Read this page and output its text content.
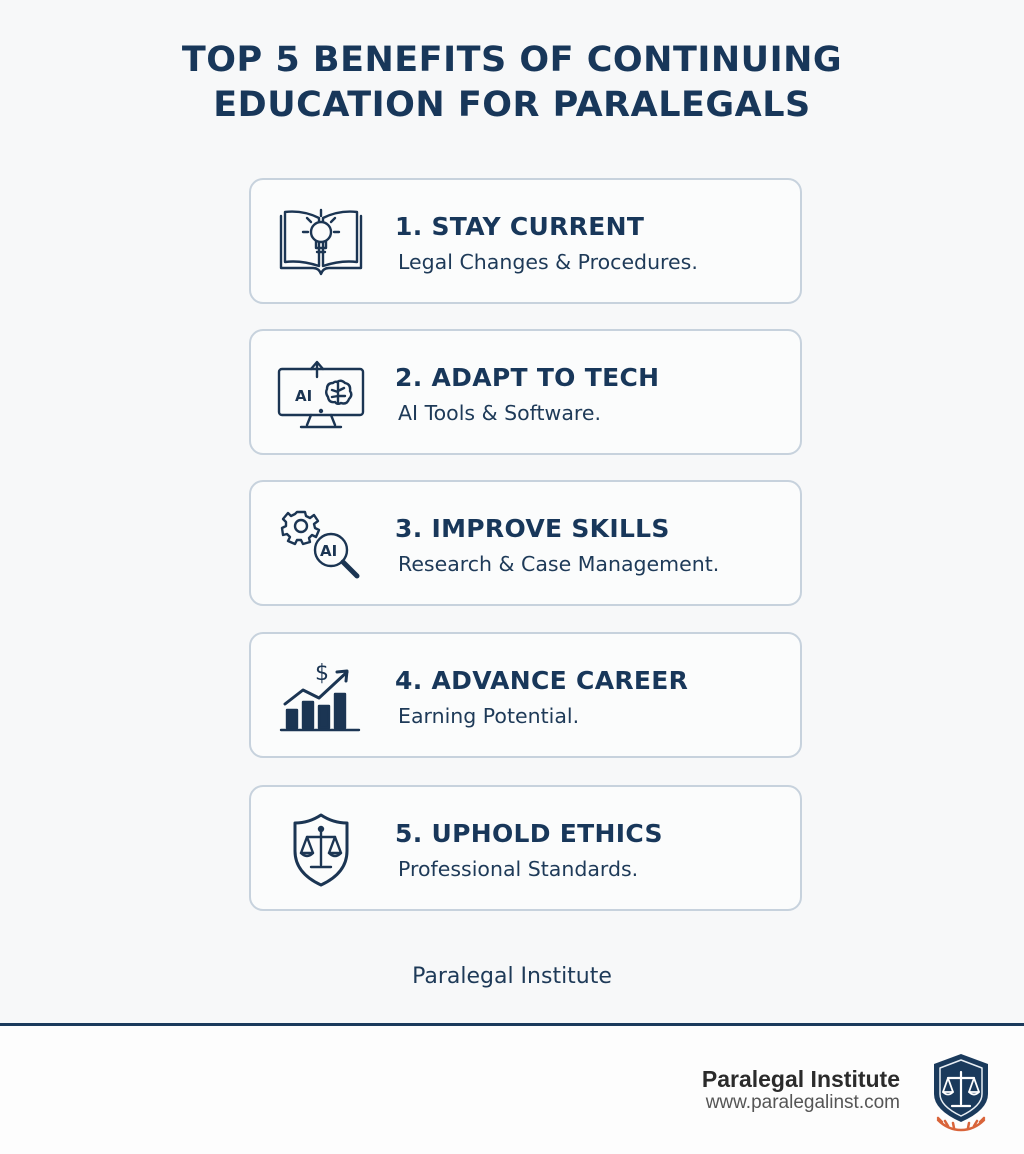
TOP 5 BENEFITS OF CONTINUING
EDUCATION FOR PARALEGALS
1. STAY CURRENT
Legal Changes & Procedures.
AI
2. ADAPT TO TECH
AI Tools & Software.
AI
3. IMPROVE SKILLS
Research & Case Management.
$	4. ADVANCE CAREER
Earning Potential.
5. UPHOLD ETHICS
Professional Standards.
Paralegal Institute
Paralegal Institute
www.paralegalinst.com
